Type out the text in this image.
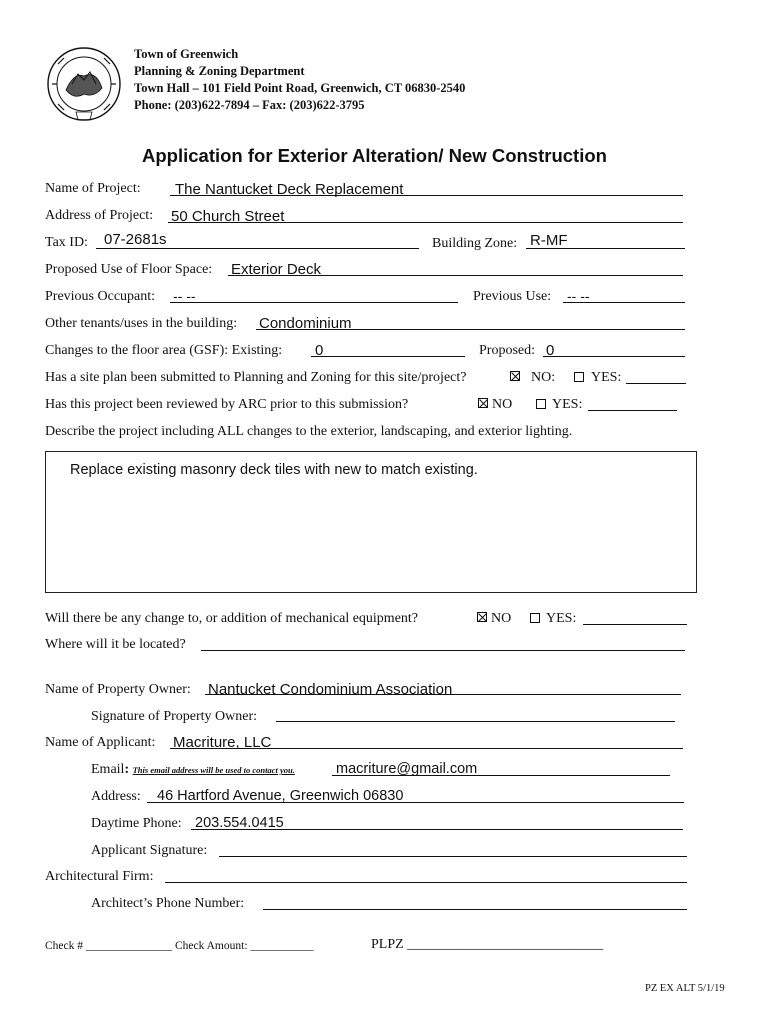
Town of Greenwich
Planning & Zoning Department
Town Hall – 101 Field Point Road, Greenwich, CT 06830-2540
Phone: (203)622-7894 – Fax: (203)622-3795
Application for Exterior Alteration/ New Construction
Name of Project: The Nantucket Deck Replacement
Address of Project: 50 Church Street
Tax ID: 07-2681s	Building Zone: R-MF
Proposed Use of Floor Space: Exterior Deck
Previous Occupant: -- --	Previous Use: -- --
Other tenants/uses in the building: Condominium
Changes to the floor area (GSF): Existing: 0	Proposed: 0
Has a site plan been submitted to Planning and Zoning for this site/project?	NO:	YES:
Has this project been reviewed by ARC prior to this submission?	NO	YES:
Describe the project including ALL changes to the exterior, landscaping, and exterior lighting.
Replace existing masonry deck tiles with new to match existing.
Will there be any change to, or addition of mechanical equipment?	NO YES:
Where will it be located?
Name of Property Owner: Nantucket Condominium Association
Signature of Property Owner:
Name of Applicant: Macriture, LLC
Email: This email address will be used to contact you.	macriture@gmail.com
Address: 46 Hartford Avenue, Greenwich 06830
Daytime Phone: 203.554.0415
Applicant Signature:
Architectural Firm:
Architect’s Phone Number:
Check # _______________ Check Amount: ___________	PLPZ ____________________________
PZ EX ALT 5/1/19
